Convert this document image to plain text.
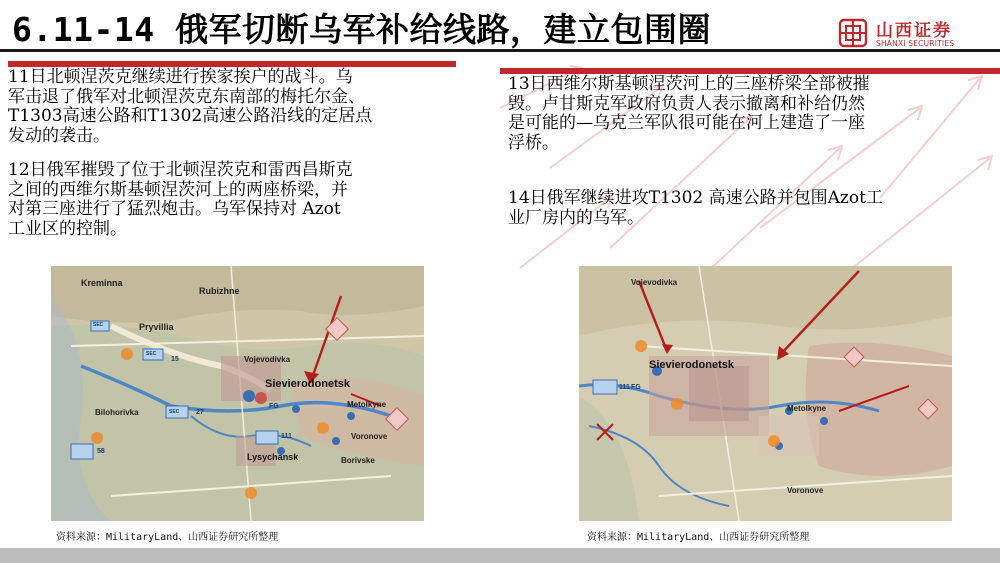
6.11-14 俄军切断乌军补给线路，建立包围圈	山西证券
SHANXI SECURITIES
11日北顿涅茨克继续进行挨家挨户的战斗。乌
军击退了俄军对北顿涅茨克东南部的梅托尔金、
T1303高速公路和T1302高速公路沿线的定居点
发动的袭击。
12日俄军摧毁了位于北顿涅茨克和雷西昌斯克
之间的西维尔斯基顿涅茨河上的两座桥梁，并
对第三座进行了猛烈炮击。乌军保持对 Azot
工业区的控制。
13日西维尔斯基顿涅茨河上的三座桥梁全部被摧
毁。卢甘斯克军政府负责人表示撤离和补给仍然
是可能的—乌克兰军队很可能在河上建造了一座
浮桥。
14日俄军继续进攻T1302 高速公路并包围Azot工
业厂房内的乌军。
Kreminna
Pryvillia
Rubizhne
Vojevodivka
Sievierodonetsk
Metolkyne
Bilohorivka
Voronove
Lysychansk	Borivske
SEC
SEC
SEC
111
FG
15
58
27
Vojevodivka
Sievierodonetsk
Metolkyne
Voronove
111 FG
资料来源：MilitaryLand、山西证券研究所整理	资料来源：MilitaryLand、山西证券研究所整理
